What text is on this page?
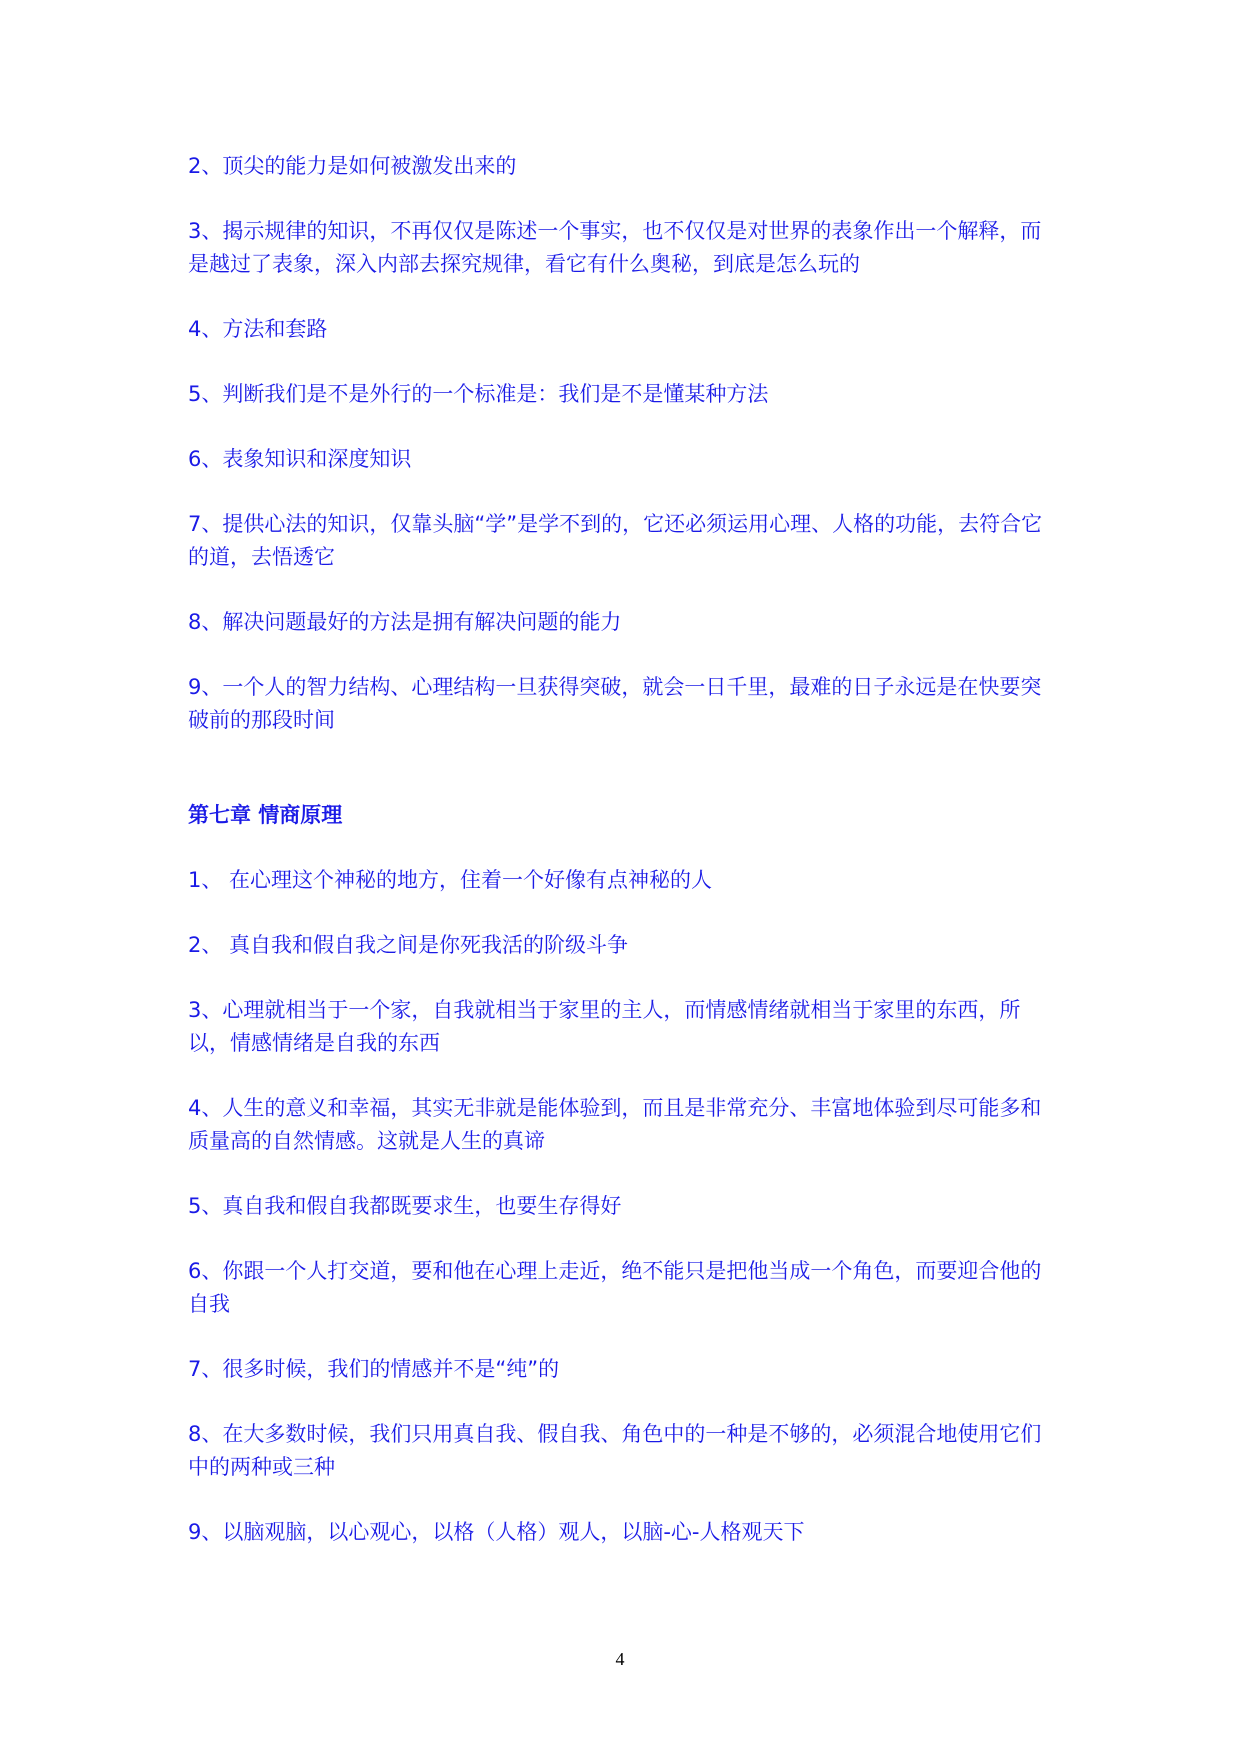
2、顶尖的能力是如何被激发出来的

3、揭示规律的知识，不再仅仅是陈述一个事实，也不仅仅是对世界的表象作出一个解释，而是越过了表象，深入内部去探究规律，看它有什么奥秘，到底是怎么玩的

4、方法和套路

5、判断我们是不是外行的一个标准是：我们是不是懂某种方法

6、表象知识和深度知识

7、提供心法的知识，仅靠头脑“学”是学不到的，它还必须运用心理、人格的功能，去符合它的道，去悟透它

8、解决问题最好的方法是拥有解决问题的能力

9、一个人的智力结构、心理结构一旦获得突破，就会一日千里，最难的日子永远是在快要突破前的那段时间

第七章 情商原理

1、 在心理这个神秘的地方，住着一个好像有点神秘的人

2、 真自我和假自我之间是你死我活的阶级斗争

3、心理就相当于一个家，自我就相当于家里的主人，而情感情绪就相当于家里的东西，所以，情感情绪是自我的东西

4、人生的意义和幸福，其实无非就是能体验到，而且是非常充分、丰富地体验到尽可能多和质量高的自然情感。这就是人生的真谛

5、真自我和假自我都既要求生，也要生存得好

6、你跟一个人打交道，要和他在心理上走近，绝不能只是把他当成一个角色，而要迎合他的自我

7、很多时候，我们的情感并不是“纯”的

8、在大多数时候，我们只用真自我、假自我、角色中的一种是不够的，必须混合地使用它们中的两种或三种

9、以脑观脑，以心观心，以格（人格）观人，以脑-心-人格观天下

4
